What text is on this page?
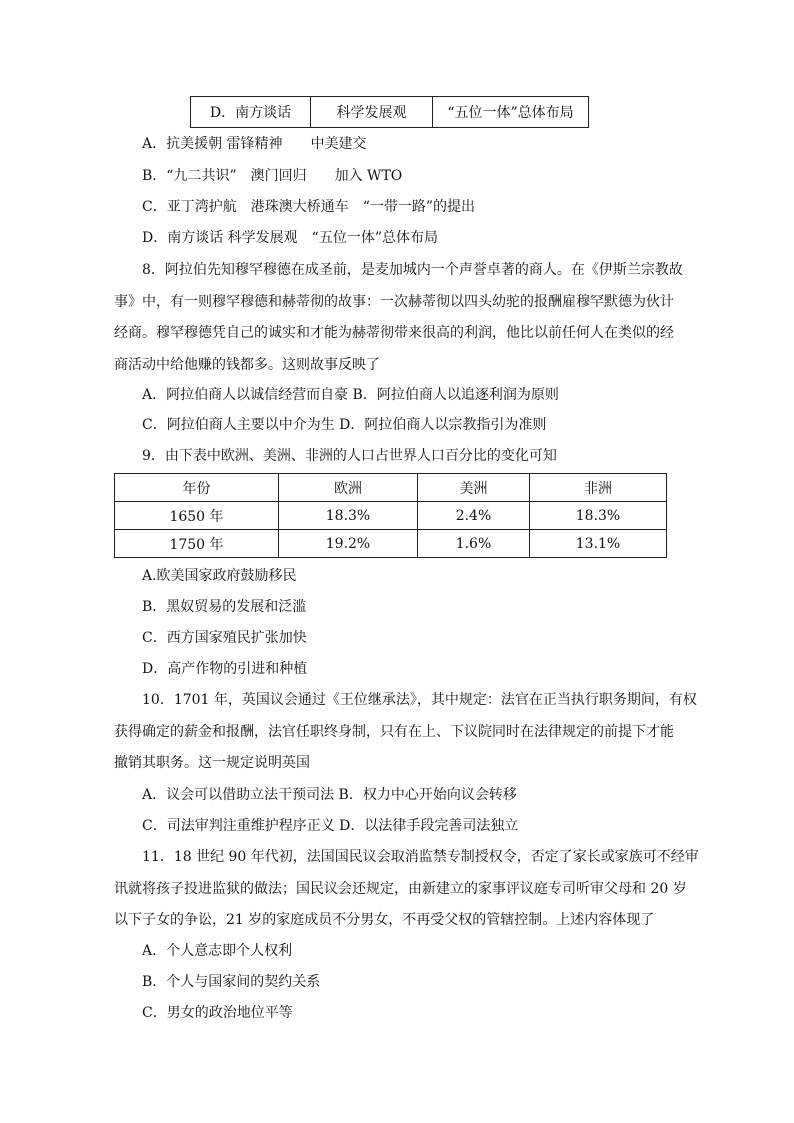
D．南方谈话	科学发展观	“五位一体”总体布局
A．抗美援朝 雷锋精神　　中美建交
B．“九二共识”　澳门回归　　加入 WTO
C．亚丁湾护航　港珠澳大桥通车　“一带一路”的提出
D．南方谈话 科学发展观　“五位一体”总体布局
8．阿拉伯先知穆罕穆德在成圣前，是麦加城内一个声誉卓著的商人。在《伊斯兰宗教故
事》中，有一则穆罕穆德和赫蒂彻的故事：一次赫蒂彻以四头幼驼的报酬雇穆罕默德为伙计
经商。穆罕穆德凭自己的诚实和才能为赫蒂彻带来很高的利润，他比以前任何人在类似的经
商活动中给他赚的钱都多。这则故事反映了
A．阿拉伯商人以诚信经营而自豪 B．阿拉伯商人以追逐利润为原则
C．阿拉伯商人主要以中介为生 D．阿拉伯商人以宗教指引为准则
9．由下表中欧洲、美洲、非洲的人口占世界人口百分比的变化可知
年份	欧洲	美洲	非洲
1650 年	18.3%	2.4%	18.3%
1750 年	19.2%	1.6%	13.1%
A.欧美国家政府鼓励移民
B．黑奴贸易的发展和泛滥
C．西方国家殖民扩张加快
D．高产作物的引进和种植
10．1701 年，英国议会通过《王位继承法》，其中规定：法官在正当执行职务期间，有权
获得确定的薪金和报酬，法官任职终身制，只有在上、下议院同时在法律规定的前提下才能
撤销其职务。这一规定说明英国
A．议会可以借助立法干预司法 B．权力中心开始向议会转移
C．司法审判注重维护程序正义 D．以法律手段完善司法独立
11．18 世纪 90 年代初，法国国民议会取消监禁专制授权令，否定了家长或家族可不经审
讯就将孩子投进监狱的做法；国民议会还规定，由新建立的家事评议庭专司听审父母和 20 岁
以下子女的争讼，21 岁的家庭成员不分男女，不再受父权的管辖控制。上述内容体现了
A．个人意志即个人权利
B．个人与国家间的契约关系
C．男女的政治地位平等
